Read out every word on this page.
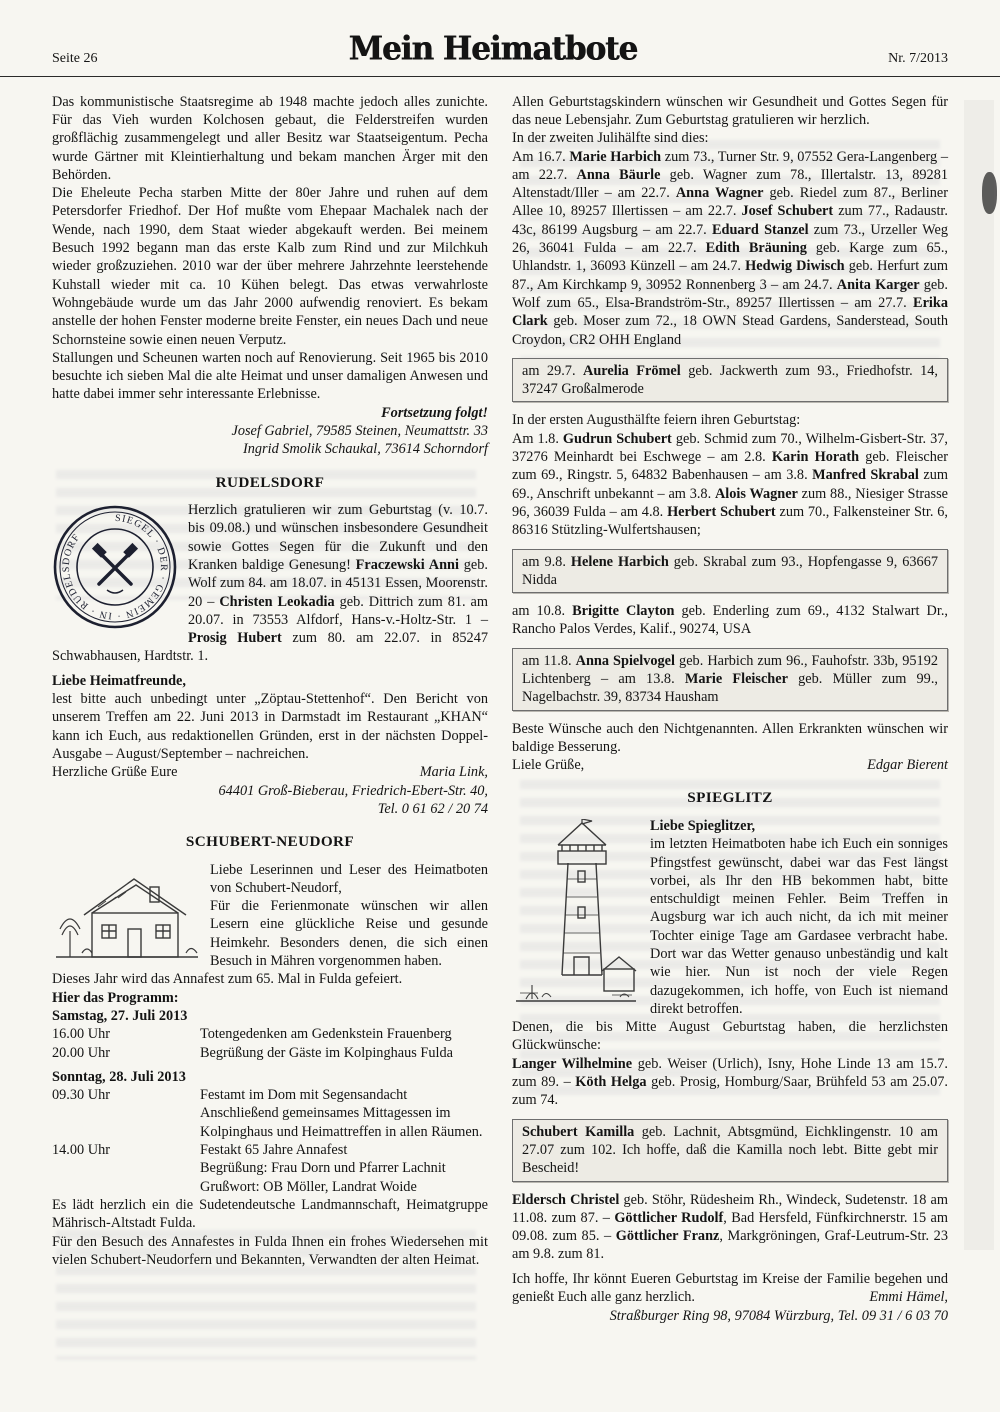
Seite 26	Mein Heimatbote	Nr. 7/2013

Das kommunistische Staatsregime ab 1948 machte jedoch alles zunichte. Für das Vieh wurden Kolchosen gebaut, die Felderstreifen wurden großflächig zusammengelegt und aller Besitz war Staatseigentum. Pecha wurde Gärtner mit Kleintierhaltung und bekam manchen Ärger mit den Behörden.

Die Eheleute Pecha starben Mitte der 80er Jahre und ruhen auf dem Petersdorfer Friedhof. Der Hof mußte vom Ehepaar Machalek nach der Wende, nach 1990, dem Staat wieder abgekauft werden. Bei meinem Besuch 1992 begann man das erste Kalb zum Rind und zur Milchkuh wieder großzuziehen. 2010 war der über mehrere Jahrzehnte leerstehende Kuhstall wieder mit ca. 10 Kühen belegt. Das etwas verwahrloste Wohngebäude wurde um das Jahr 2000 aufwendig renoviert. Es bekam anstelle der hohen Fenster moderne breite Fenster, ein neues Dach und neue Schornsteine sowie einen neuen Verputz.

Stallungen und Scheunen warten noch auf Renovierung. Seit 1965 bis 2010 besuchte ich sieben Mal die alte Heimat und unser damaligen Anwesen und hatte dabei immer sehr interessante Erlebnisse.

Fortsetzung folgt!
Josef Gabriel, 79585 Steinen, Neumattstr. 33
Ingrid Smolik Schaukal, 73614 Schorndorf
RUDELSDORF
SIEGEL · DER · GEMEIN · IN · RUDELSDORF

Herzlich gratulieren wir zum Geburtstag (v. 10.7. bis 09.08.) und wünschen insbesondere Gesundheit sowie Gottes Segen für die Zukunft und den Kranken baldige Genesung! Fraczewski Anni geb. Wolf zum 84. am 18.07. in 45131 Essen, Moorenstr. 20 – Christen Leokadia geb. Dittrich zum 81. am 20.07. in 73553 Alfdorf, Hans-v.-Holtz-Str. 1 – Prosig Hubert zum 80. am 22.07. in 85247 Schwabhausen, Hardtstr. 1.

Liebe Heimatfreunde,

lest bitte auch unbedingt unter „Zöptau-Stettenhof“. Den Bericht von unserem Treffen am 22. Juni 2013 in Darmstadt im Restaurant „KHAN“ kann ich Euch, aus redaktionellen Gründen, erst in der nächsten Doppel-Ausgabe – August/September – nachreichen.

Herzliche Grüße Eure	Maria Link,
64401 Groß-Bieberau, Friedrich-Ebert-Str. 40,
Tel. 0 61 62 / 20 74
SCHUBERT-NEUDORF

Liebe Leserinnen und Leser des Heimatboten von Schubert-Neudorf,

Für die Ferienmonate wünschen wir allen Lesern eine glückliche Reise und gesunde Heimkehr. Besonders denen, die sich einen Besuch in Mähren vorgenommen haben.

Dieses Jahr wird das Annafest zum 65. Mal in Fulda gefeiert.

Hier das Programm:
Samstag, 27. Juli 2013
16.00 Uhr	Totengedenken am Gedenkstein Frauenberg
20.00 Uhr	Begrüßung der Gäste im Kolpinghaus Fulda
Sonntag, 28. Juli 2013
09.30 Uhr	Festamt im Dom mit Segensandacht
Anschließend gemeinsames Mittagessen im Kolpinghaus und Heimattreffen in allen Räumen.
14.00 Uhr	Festakt 65 Jahre Annafest
Begrüßung: Frau Dorn und Pfarrer Lachnit
Grußwort: OB Möller, Landrat Woide

Es lädt herzlich ein die Sudetendeutsche Landmannschaft, Heimatgruppe Mährisch-Altstadt Fulda.

Für den Besuch des Annafestes in Fulda Ihnen ein frohes Wiedersehen mit vielen Schubert-Neudorfern und Bekannten, Verwandten der alten Heimat.

Allen Geburtstagskindern wünschen wir Gesundheit und Gottes Segen für das neue Lebensjahr. Zum Geburtstag gratulieren wir herzlich.

In der zweiten Julihälfte sind dies:

Am 16.7. Marie Harbich zum 73., Turner Str. 9, 07552 Gera-Langenberg – am 22.7. Anna Bäurle geb. Wagner zum 78., Illertalstr. 13, 89281 Altenstadt/Iller – am 22.7. Anna Wagner geb. Riedel zum 87., Berliner Allee 10, 89257 Illertissen – am 22.7. Josef Schubert zum 77., Radaustr. 43c, 86199 Augsburg – am 22.7. Eduard Stanzel zum 73., Urzeller Weg 26, 36041 Fulda – am 22.7. Edith Bräuning geb. Karge zum 65., Uhlandstr. 1, 36093 Künzell – am 24.7. Hedwig Diwisch geb. Herfurt zum 87., Am Kirchkamp 9, 30952 Ronnenberg 3 – am 24.7. Anita Karger geb. Wolf zum 65., Elsa-Brandström-Str., 89257 Illertissen – am 27.7. Erika Clark geb. Moser zum 72., 18 OWN Stead Gardens, Sanderstead, South Croydon, CR2 OHH England

am 29.7. Aurelia Frömel geb. Jackwerth zum 93., Friedhofstr. 14, 37247 Großalmerode

In der ersten Augusthälfte feiern ihren Geburtstag:

Am 1.8. Gudrun Schubert geb. Schmid zum 70., Wilhelm-Gisbert-Str. 37, 37276 Meinhardt bei Eschwege – am 2.8. Karin Horath geb. Fleischer zum 69., Ringstr. 5, 64832 Babenhausen – am 3.8. Manfred Skrabal zum 69., Anschrift unbekannt – am 3.8. Alois Wagner zum 88., Niesiger Strasse 96, 36039 Fulda – am 4.8. Herbert Schubert zum 70., Falkensteiner Str. 6, 86316 Stützling-Wulfertshausen;

am 9.8. Helene Harbich geb. Skrabal zum 93., Hopfengasse 9, 63667 Nidda

am 10.8. Brigitte Clayton geb. Enderling zum 69., 4132 Stalwart Dr., Rancho Palos Verdes, Kalif., 90274, USA

am 11.8. Anna Spielvogel geb. Harbich zum 96., Fauhofstr. 33b, 95192 Lichtenberg – am 13.8. Marie Fleischer geb. Müller zum 99., Nagelbachstr. 39, 83734 Hausham

Beste Wünsche auch den Nichtgenannten. Allen Erkrankten wünschen wir baldige Besserung.

Liele Grüße,	Edgar Bierent
SPIEGLITZ
Liebe Spieglitzer,

im letzten Heimatboten habe ich Euch ein sonniges Pfingstfest gewünscht, dabei war das Fest längst vorbei, als Ihr den HB bekommen habt, bitte entschuldigt meinen Fehler. Beim Treffen in Augsburg war ich auch nicht, da ich mit meiner Tochter einige Tage am Gardasee verbracht habe. Dort war das Wetter genauso unbeständig und kalt wie hier. Nun ist noch der viele Regen dazugekommen, ich hoffe, von Euch ist niemand direkt betroffen.

Denen, die bis Mitte August Geburtstag haben, die herzlichsten Glückwünsche:

Langer Wilhelmine geb. Weiser (Urlich), Isny, Hohe Linde 13 am 15.7. zum 89. – Köth Helga geb. Prosig, Homburg/Saar, Brühfeld 53 am 25.07. zum 74.

Schubert Kamilla geb. Lachnit, Abtsgmünd, Eichklingenstr. 10 am 27.07 zum 102. Ich hoffe, daß die Kamilla noch lebt. Bitte gebt mir Bescheid!

Eldersch Christel geb. Stöhr, Rüdesheim Rh., Windeck, Sudetenstr. 18 am 11.08. zum 87. – Göttlicher Rudolf, Bad Hersfeld, Fünfkirchnerstr. 15 am 09.08. zum 85. – Göttlicher Franz, Markgröningen, Graf-Leutrum-Str. 23 am 9.8. zum 81.

Ich hoffe, Ihr könnt Eueren Geburtstag im Kreise der Familie begehen und genießt Euch alle ganz herzlich.	Emmi Hämel,
Straßburger Ring 98, 97084 Würzburg, Tel. 09 31 / 6 03 70
